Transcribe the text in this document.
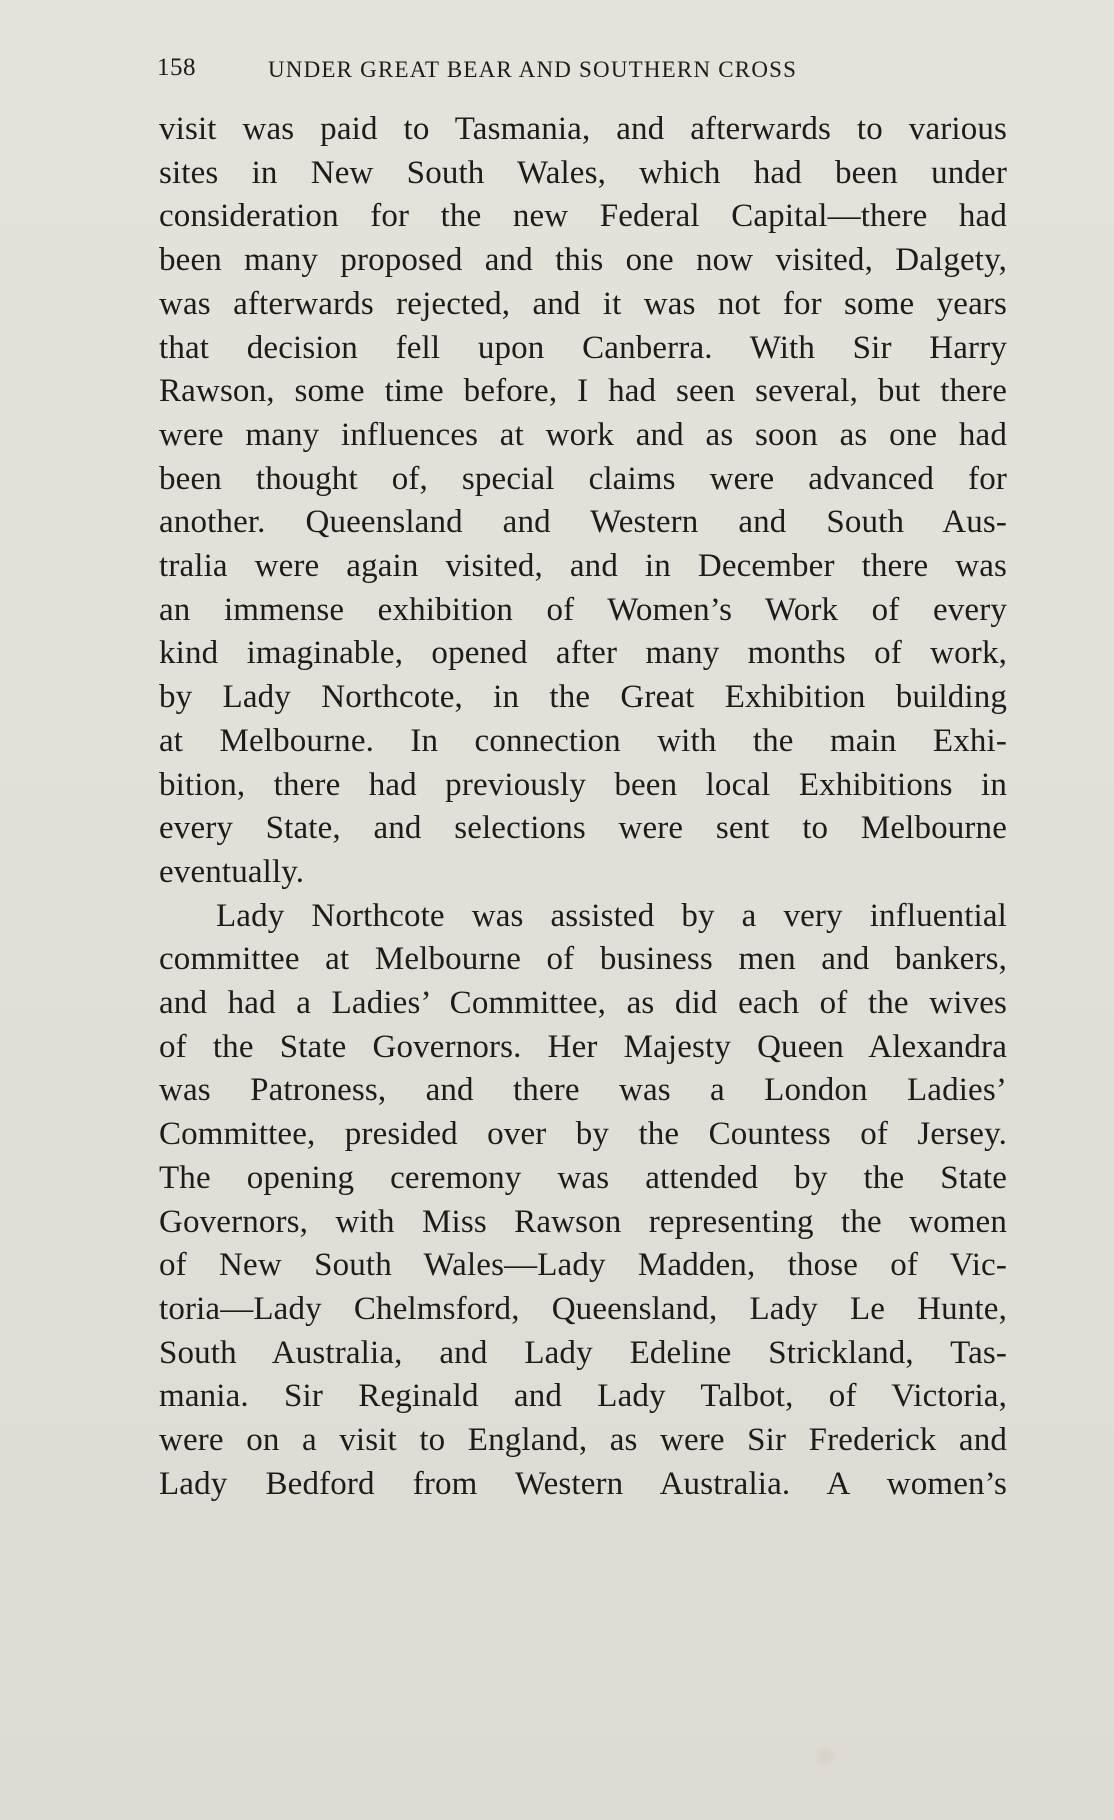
158	UNDER GREAT BEAR AND SOUTHERN CROSS

visit was paid to Tasmania, and afterwards to various
sites in New South Wales, which had been under
consideration for the new Federal Capital—there had
been many proposed and this one now visited, Dalgety,
was afterwards rejected, and it was not for some years
that decision fell upon Canberra. With Sir Harry
Rawson, some time before, I had seen several, but there
were many influences at work and as soon as one had
been thought of, special claims were advanced for
another. Queensland and Western and South Aus-
tralia were again visited, and in December there was
an immense exhibition of Women’s Work of every
kind imaginable, opened after many months of work,
by Lady Northcote, in the Great Exhibition building
at Melbourne. In connection with the main Exhi-
bition, there had previously been local Exhibitions in
every State, and selections were sent to Melbourne
eventually.

Lady Northcote was assisted by a very influential
committee at Melbourne of business men and bankers,
and had a Ladies’ Committee, as did each of the wives
of the State Governors. Her Majesty Queen Alexandra
was Patroness, and there was a London Ladies’
Committee, presided over by the Countess of Jersey.
The opening ceremony was attended by the State
Governors, with Miss Rawson representing the women
of New South Wales—Lady Madden, those of Vic-
toria—Lady Chelmsford, Queensland, Lady Le Hunte,
South Australia, and Lady Edeline Strickland, Tas-
mania. Sir Reginald and Lady Talbot, of Victoria,
were on a visit to England, as were Sir Frederick and
Lady Bedford from Western Australia. A women’s
